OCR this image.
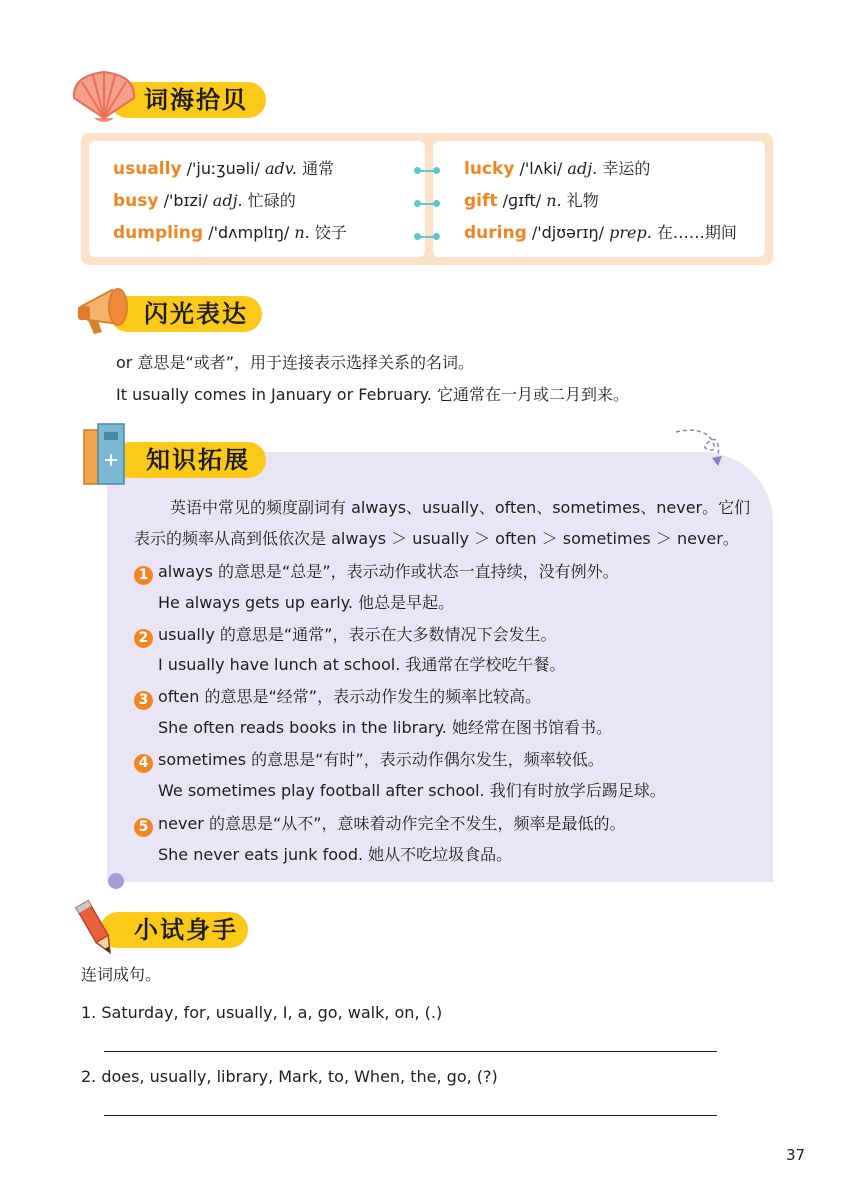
词海拾贝
usually /'juːʒuəli/ adv. 通常
busy /'bɪzi/ adj. 忙碌的
dumpling /'dʌmplɪŋ/ n. 饺子
lucky /'lʌki/ adj. 幸运的
gift /ɡɪft/ n. 礼物
during /'djʊərɪŋ/ prep. 在……期间
闪光表达
or 意思是“或者”，用于连接表示选择关系的名词。
It usually comes in January or February. 它通常在一月或二月到来。
知识拓展
英语中常见的频度副词有 always、usually、often、sometimes、never。它们
表示的频率从高到低依次是 always ＞ usually ＞ often ＞ sometimes ＞ never。
1 always 的意思是“总是”，表示动作或状态一直持续，没有例外。
He always gets up early. 他总是早起。
2 usually 的意思是“通常”，表示在大多数情况下会发生。
I usually have lunch at school. 我通常在学校吃午餐。
3 often 的意思是“经常”，表示动作发生的频率比较高。
She often reads books in the library. 她经常在图书馆看书。
4 sometimes 的意思是“有时”，表示动作偶尔发生，频率较低。
We sometimes play football after school. 我们有时放学后踢足球。
5 never 的意思是“从不”，意味着动作完全不发生，频率是最低的。
She never eats junk food. 她从不吃垃圾食品。
小试身手
连词成句。
1. Saturday, for, usually, I, a, go, walk, on, (.)
2. does, usually, library, Mark, to, When, the, go, (?)
37
